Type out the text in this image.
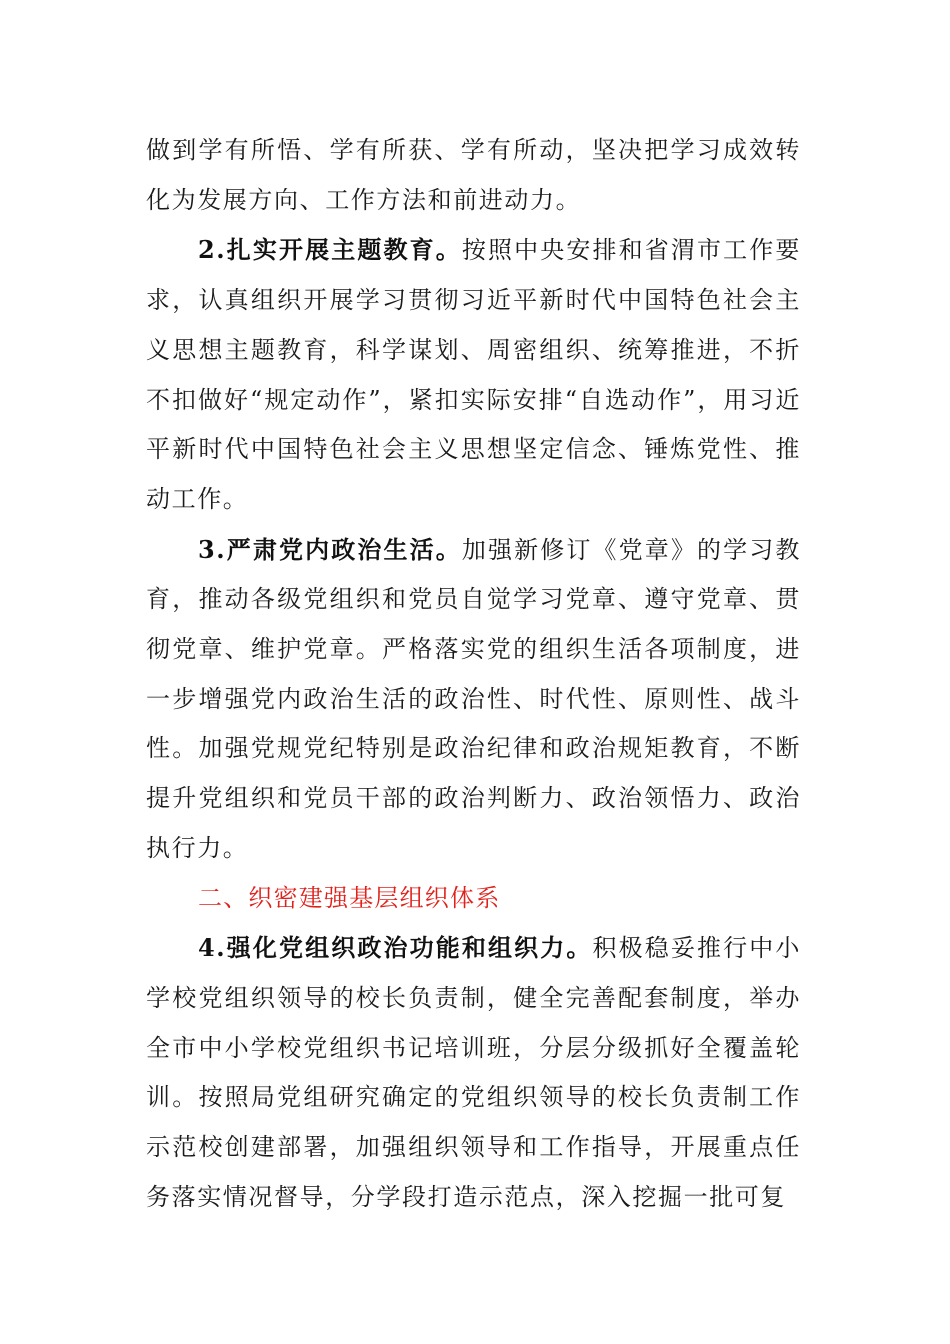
做到学有所悟、学有所获、学有所动，坚决把学习成效转化为发展方向、工作方法和前进动力。

2.扎实开展主题教育。按照中央安排和省渭市工作要求，认真组织开展学习贯彻习近平新时代中国特色社会主义思想主题教育，科学谋划、周密组织、统筹推进，不折不扣做好“规定动作”，紧扣实际安排“自选动作”，用习近平新时代中国特色社会主义思想坚定信念、锤炼党性、推动工作。

3.严肃党内政治生活。加强新修订《党章》的学习教育，推动各级党组织和党员自觉学习党章、遵守党章、贯彻党章、维护党章。严格落实党的组织生活各项制度，进一步增强党内政治生活的政治性、时代性、原则性、战斗性。加强党规党纪特别是政治纪律和政治规矩教育，不断提升党组织和党员干部的政治判断力、政治领悟力、政治执行力。

二、织密建强基层组织体系

4.强化党组织政治功能和组织力。积极稳妥推行中小学校党组织领导的校长负责制，健全完善配套制度，举办全市中小学校党组织书记培训班，分层分级抓好全覆盖轮训。按照局党组研究确定的党组织领导的校长负责制工作示范校创建部署，加强组织领导和工作指导，开展重点任务落实情况督导，分学段打造示范点，深入挖掘一批可复
